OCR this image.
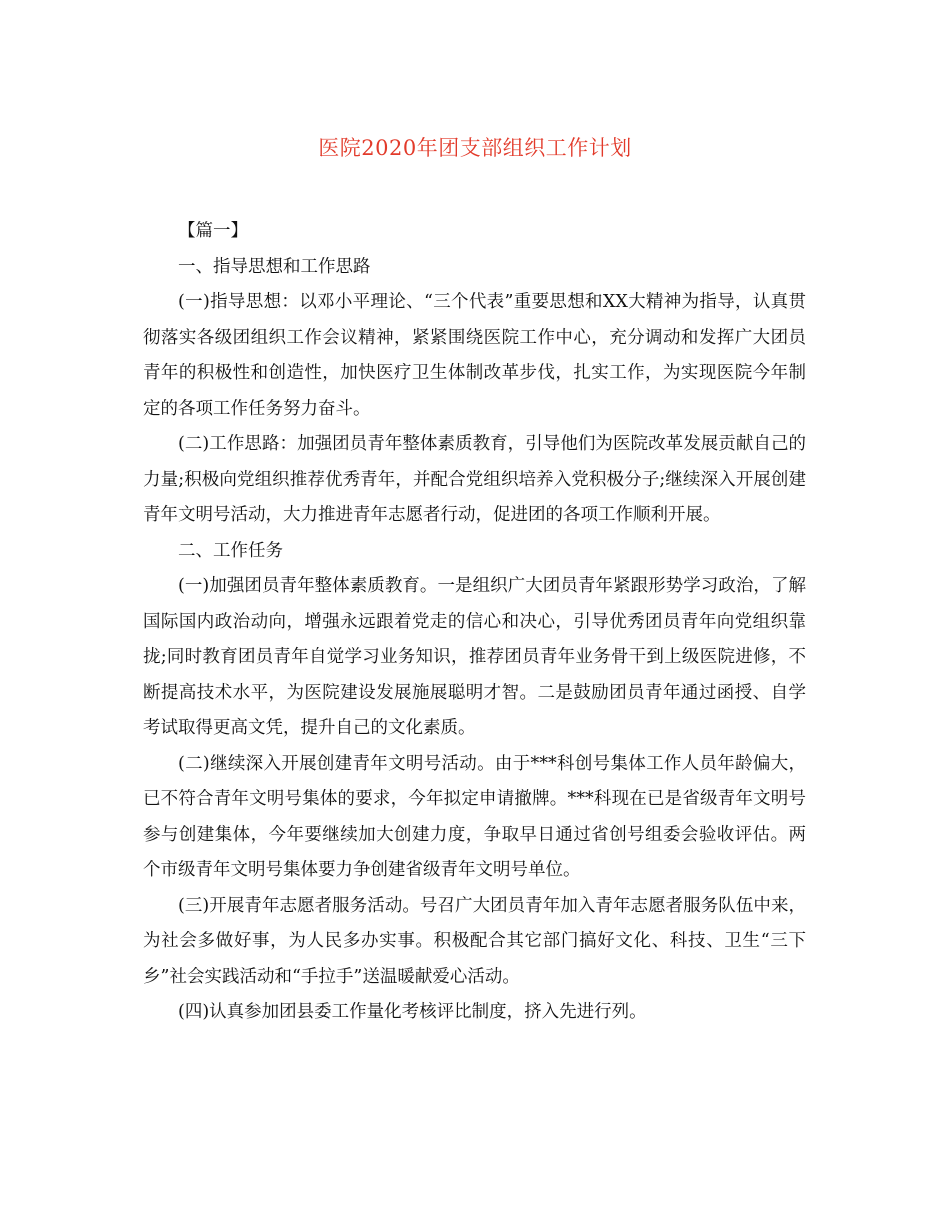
医院2020年团支部组织工作计划

【篇一】

一、指导思想和工作思路

(一)指导思想：以邓小平理论、“三个代表”重要思想和XX大精神为指导，认真贯彻落实各级团组织工作会议精神，紧紧围绕医院工作中心，充分调动和发挥广大团员青年的积极性和创造性，加快医疗卫生体制改革步伐，扎实工作，为实现医院今年制定的各项工作任务努力奋斗。

(二)工作思路：加强团员青年整体素质教育，引导他们为医院改革发展贡献自己的力量;积极向党组织推荐优秀青年，并配合党组织培养入党积极分子;继续深入开展创建青年文明号活动，大力推进青年志愿者行动，促进团的各项工作顺利开展。

二、工作任务

(一)加强团员青年整体素质教育。一是组织广大团员青年紧跟形势学习政治，了解国际国内政治动向，增强永远跟着党走的信心和决心，引导优秀团员青年向党组织靠拢;同时教育团员青年自觉学习业务知识，推荐团员青年业务骨干到上级医院进修，不断提高技术水平，为医院建设发展施展聪明才智。二是鼓励团员青年通过函授、自学考试取得更高文凭，提升自己的文化素质。

(二)继续深入开展创建青年文明号活动。由于***科创号集体工作人员年龄偏大，已不符合青年文明号集体的要求，今年拟定申请撤牌。***科现在已是省级青年文明号参与创建集体，今年要继续加大创建力度，争取早日通过省创号组委会验收评估。两个市级青年文明号集体要力争创建省级青年文明号单位。

(三)开展青年志愿者服务活动。号召广大团员青年加入青年志愿者服务队伍中来，为社会多做好事，为人民多办实事。积极配合其它部门搞好文化、科技、卫生“三下乡”社会实践活动和“手拉手”送温暖献爱心活动。

(四)认真参加团县委工作量化考核评比制度，挤入先进行列。
